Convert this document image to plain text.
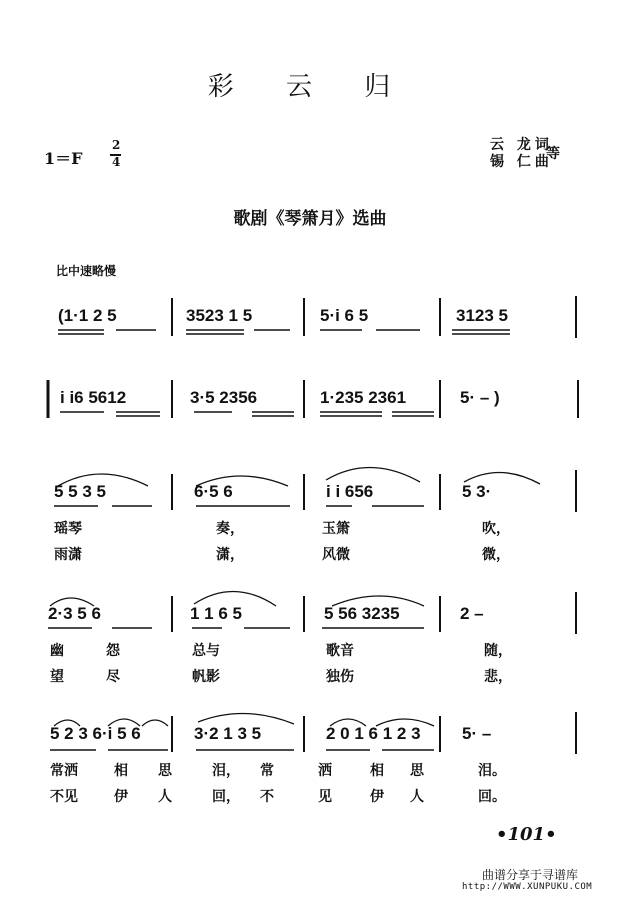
彩 云 归
1＝F
2
4
云 龙词
等
锡 仁曲
歌剧《琴箫月》选曲
比中速略慢
(1·1 2 5	3523 1 5	5·i 6 5	3123 5
i i6 5612	3·5 2356	1·235 2361	5· – )
5 5 3 5	6·5 6	i i 656	5 3·
瑶琴	奏，	玉箫	吹，
雨潇	潇，	风微	微，
2·3 5 6	1 1 6 5	5 56 3235	2 –
幽	怨	总与	歌音	随，
望	尽	帆影	独伤	悲，
5 2 3 6·i 5 6	3·2 1 3 5	2 0 1 6 1 2 3 5· –
常洒	相 思	泪， 常	洒	相 思	泪。
不见	伊 人	回， 不	见	伊 人	回。
•101•
曲谱分享于寻谱库
http://WWW.XUNPUKU.COM
